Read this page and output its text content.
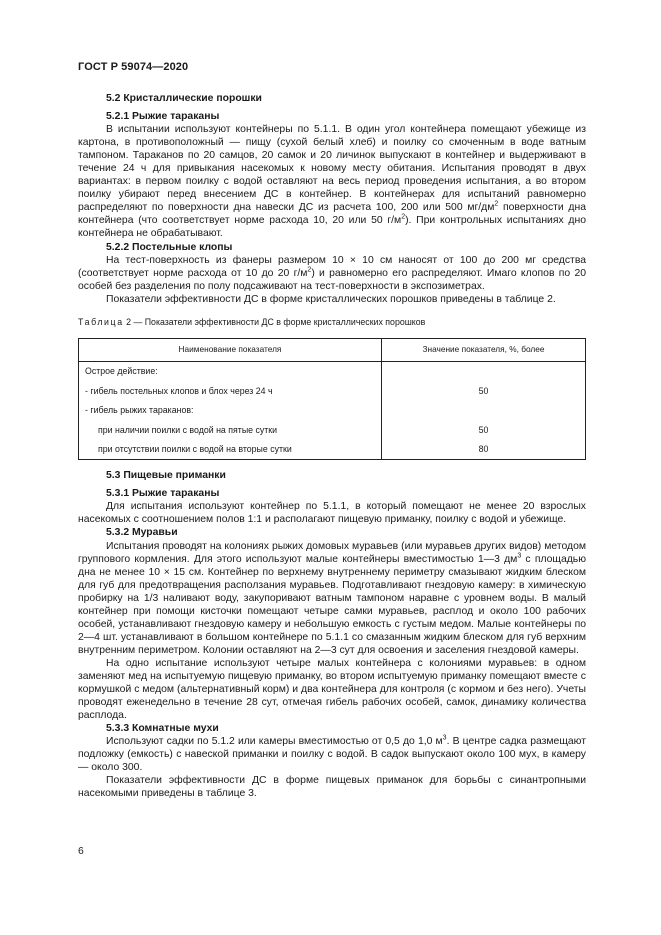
ГОСТ Р 59074—2020

5.2 Кристаллические порошки

5.2.1 Рыжие тараканы

В испытании используют контейнеры по 5.1.1. В один угол контейнера помещают убежище из картона, в противоположный — пищу (сухой белый хлеб) и поилку со смоченным в воде ватным тампоном. Тараканов по 20 самцов, 20 самок и 20 личинок выпускают в контейнер и выдерживают в течение 24 ч для привыкания насекомых к новому месту обитания. Испытания проводят в двух вариантах: в первом поилку с водой оставляют на весь период проведения испытания, а во втором поилку убирают перед внесением ДС в контейнер. В контейнерах для испытаний равномерно распределяют по поверхности дна навески ДС из расчета 100, 200 или 500 $мг/дм^2$ поверхности дна контейнера (что соответствует норме расхода 10, 20 или 50 $г/м^2$). При контрольных испытаниях дно контейнера не обрабатывают.

5.2.2 Постельные клопы

На тест-поверхность из фанеры размером 10 × 10 см наносят от 100 до 200 мг средства (соответствует норме расхода от 10 до 20 $г/м^2$) и равномерно его распределяют. Имаго клопов по 20 особей без разделения по полу подсаживают на тест-поверхности в экспозиметрах.

Показатели эффективности ДС в форме кристаллических порошков приведены в таблице 2.

Таблица 2 — Показатели эффективности ДС в форме кристаллических порошков

Наименование показателя	Значение показателя, %, более
Острое действие:	
- гибель постельных клопов и блох через 24 ч	50
- гибель рыжих тараканов:	
при наличии поилки с водой на пятые сутки	50
при отсутствии поилки с водой на вторые сутки	80

5.3 Пищевые приманки

5.3.1 Рыжие тараканы

Для испытания используют контейнер по 5.1.1, в который помещают не менее 20 взрослых насекомых с соотношением полов 1:1 и располагают пищевую приманку, поилку с водой и убежище.

5.3.2 Муравьи

Испытания проводят на колониях рыжих домовых муравьев (или муравьев других видов) методом группового кормления. Для этого используют малые контейнеры вместимостью 1—3 $дм^3$ с площадью дна не менее 10 × 15 см. Контейнер по верхнему внутреннему периметру смазывают жидким блеском для губ для предотвращения расползания муравьев. Подготавливают гнездовую камеру: в химическую пробирку на 1/3 наливают воду, закупоривают ватным тампоном наравне с уровнем воды. В малый контейнер при помощи кисточки помещают четыре самки муравьев, расплод и около 100 рабочих особей, устанавливают гнездовую камеру и небольшую емкость с густым медом. Малые контейнеры по 2—4 шт. устанавливают в большом контейнере по 5.1.1 со смазанным жидким блеском для губ верхним внутренним периметром. Колонии оставляют на 2—3 сут для освоения и заселения гнездовой камеры.

На одно испытание используют четыре малых контейнера с колониями муравьев: в одном заменяют мед на испытуемую пищевую приманку, во втором испытуемую приманку помещают вместе с кормушкой с медом (альтернативный корм) и два контейнера для контроля (с кормом и без него). Учеты проводят еженедельно в течение 28 сут, отмечая гибель рабочих особей, самок, динамику количества расплода.

5.3.3 Комнатные мухи

Используют садки по 5.1.2 или камеры вместимостью от 0,5 до 1,0 $м^3$. В центре садка размещают подложку (емкость) с навеской приманки и поилку с водой. В садок выпускают около 100 мух, в камеру — около 300.

Показатели эффективности ДС в форме пищевых приманок для борьбы с синантропными насекомыми приведены в таблице 3.

6
